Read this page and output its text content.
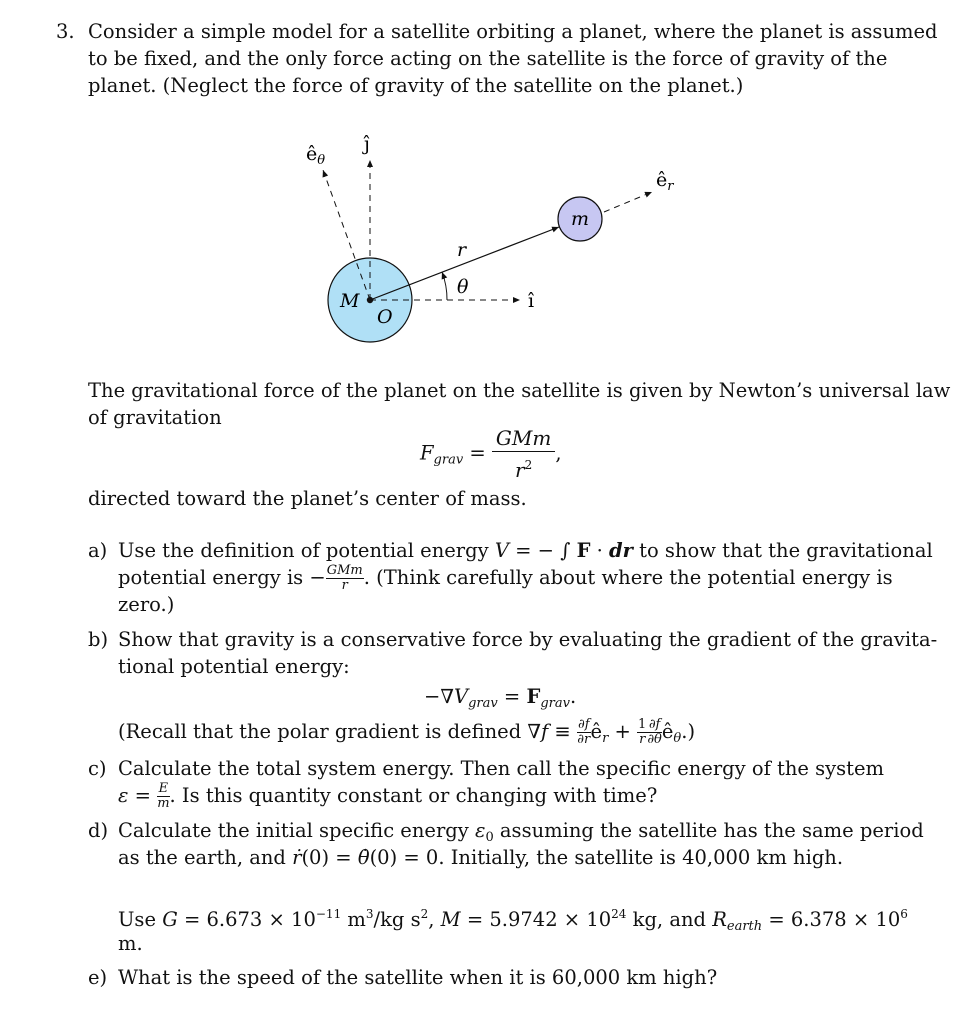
3. Consider a simple model for a satellite orbiting a planet, where the planet is assumed
to be fixed, and the only force acting on the satellite is the force of gravity of the
planet. (Neglect the force of gravity of the satellite on the planet.)
$ê_\theta$
ĵ
$ê_r$
m
r
θ
M
O
î
The gravitational force of the planet on the satellite is given by Newton’s universal law
of gravitation
$F_{grav} = \frac{\text{GMm}}{r^2}$ ,
directed toward the planet’s center of mass.
a) Use the definition of potential energy V = − ∫ F · dr to show that the gravitational
potential energy is − $\frac{\text{GMm}}{r}$ . (Think carefully about where the potential energy is
zero.)
b) Show that gravity is a conservative force by evaluating the gradient of the gravita-
tional potential energy:
$-\nabla V_{grav} = F_{grav}$.
(Recall that the polar gradient is defined $\nabla f \equiv \frac{\partial f}{\partial r}$ $ê_r + \frac{1}{r} \frac{\partial f}{\partial\theta}$ $ê_\theta$.)
c) Calculate the total system energy. Then call the specific energy of the system
$\varepsilon = \frac{E}{m}$ . Is this quantity constant or changing with time?
d) Calculate the initial specific energy $\varepsilon_0$ assuming the satellite has the same period
as the earth, and ṙ(0) = θ̇(0) = 0. Initially, the satellite is 40,000 km high.
Use $G = 6.673 \times 10^{-11}$ $m^3/kg$ $s^2$, $M = 5.9742 \times 10^{24}$ kg, and $R_{earth} = 6.378 \times 10^6$
m.
e) What is the speed of the satellite when it is 60,000 km high?
